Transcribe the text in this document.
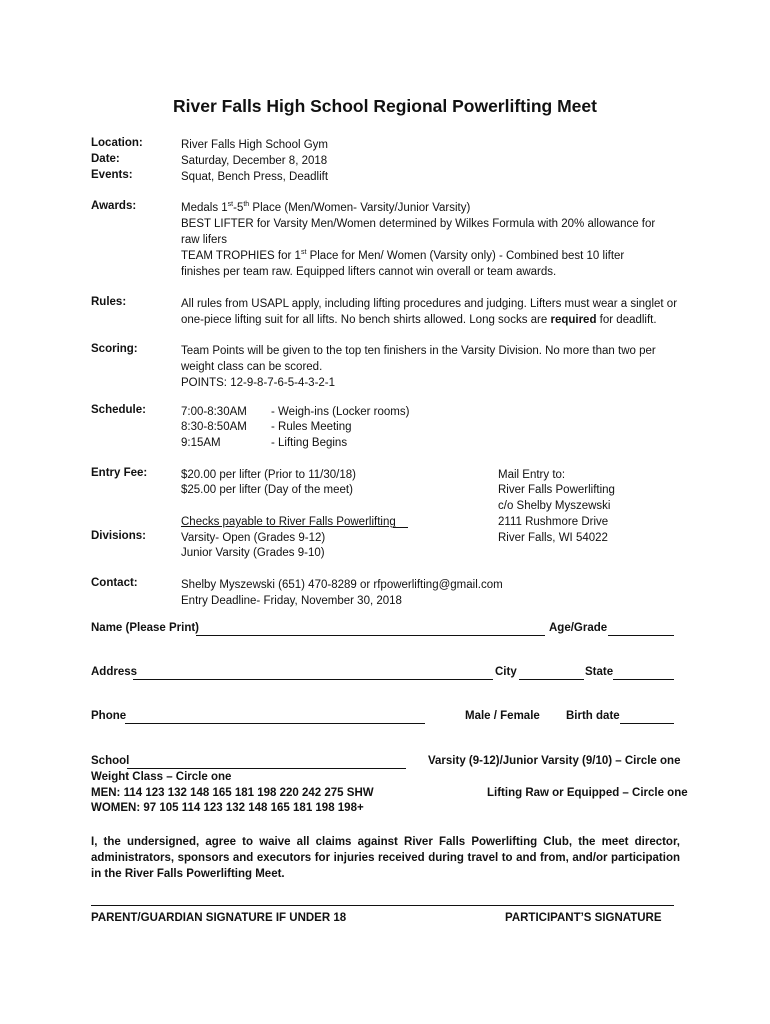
River Falls High School Regional Powerlifting Meet
Location:	River Falls High School Gym
Date:	Saturday, December 8, 2018
Events:	Squat, Bench Press, Deadlift
Awards:	Medals 1st-5th Place (Men/Women- Varsity/Junior Varsity)
BEST LIFTER for Varsity Men/Women determined by Wilkes Formula with 20% allowance for raw lifers
TEAM TROPHIES for 1st Place for Men/ Women (Varsity only) - Combined best 10 lifter finishes per team raw. Equipped lifters cannot win overall or team awards.
Rules:	All rules from USAPL apply, including lifting procedures and judging. Lifters must wear a singlet or one-piece lifting suit for all lifts. No bench shirts allowed. Long socks are required for deadlift.
Scoring:	Team Points will be given to the top ten finishers in the Varsity Division. No more than two per weight class can be scored.
POINTS: 12-9-8-7-6-5-4-3-2-1
Schedule:	7:00-8:30AM - Weigh-ins (Locker rooms)
8:30-8:50AM - Rules Meeting
9:15AM	- Lifting Begins
Entry Fee:	$20.00 per lifter (Prior to 11/30/18)
$25.00 per lifter (Day of the meet)
Checks payable to River Falls Powerlifting
Mail Entry to:
River Falls Powerlifting
c/o Shelby Myszewski
2111 Rushmore Drive
River Falls, WI 54022
Divisions:	Varsity- Open (Grades 9-12)
Junior Varsity (Grades 9-10)
Contact:	Shelby Myszewski (651) 470-8289 or rfpowerlifting@gmail.com
Entry Deadline- Friday, November 30, 2018
Name (Please Print)	Age/Grade
Address	City	State
Phone	Male / Female Birth date
School	Varsity (9-12)/Junior Varsity (9/10) – Circle one
Weight Class – Circle one
MEN: 114 123 132 148 165 181 198 220 242 275 SHW	Lifting Raw or Equipped – Circle one
WOMEN: 97 105 114 123 132 148 165 181 198 198+
I, the undersigned, agree to waive all claims against River Falls Powerlifting Club, the meet director, administrators, sponsors and executors for injuries received during travel to and from, and/or participation in the River Falls Powerlifting Meet.
PARENT/GUARDIAN SIGNATURE IF UNDER 18	PARTICIPANT’S SIGNATURE
